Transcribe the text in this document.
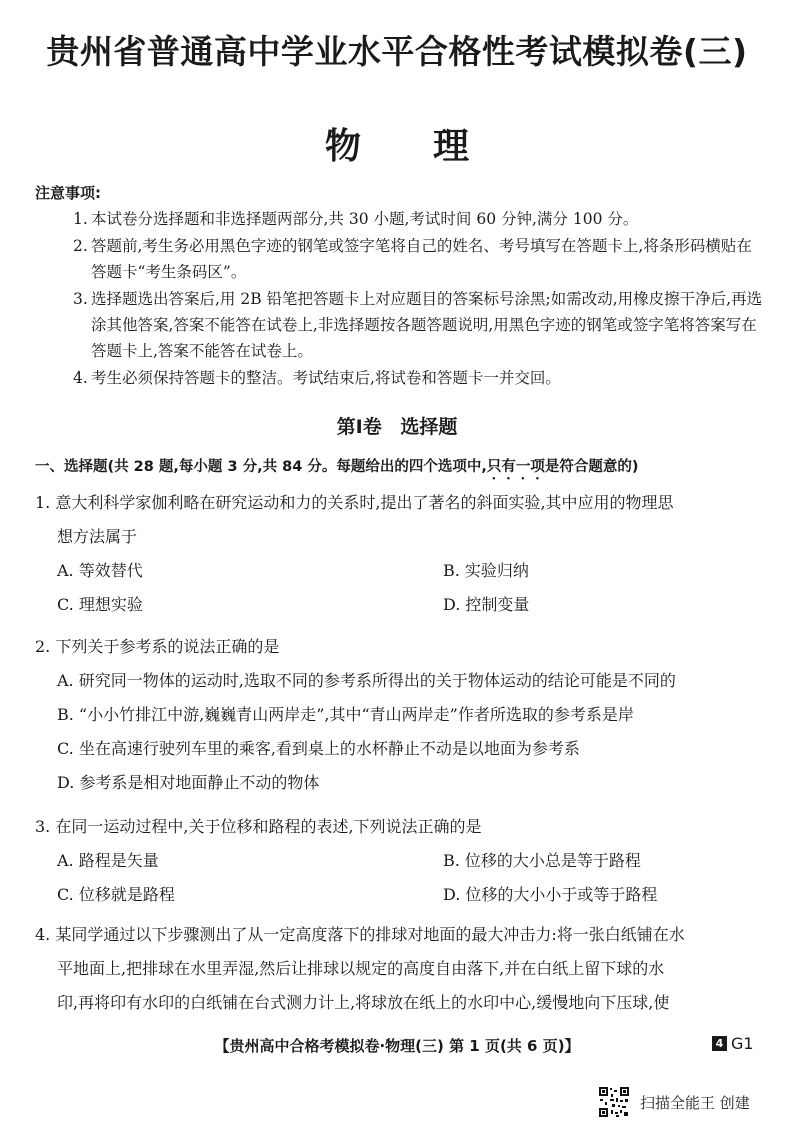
贵州省普通高中学业水平合格性考试模拟卷(三)
物理
注意事项:
1. 本试卷分选择题和非选择题两部分,共 30 小题,考试时间 60 分钟,满分 100 分。
2. 答题前,考生务必用黑色字迹的钢笔或签字笔将自己的姓名、考号填写在答题卡上,将条形码横贴在答题卡“考生条码区”。
3. 选择题选出答案后,用 2B 铅笔把答题卡上对应题目的答案标号涂黑;如需改动,用橡皮擦干净后,再选涂其他答案,答案不能答在试卷上,非选择题按各题答题说明,用黑色字迹的钢笔或签字笔将答案写在答题卡上,答案不能答在试卷上。
4. 考生必须保持答题卡的整洁。考试结束后,将试卷和答题卡一并交回。
第Ⅰ卷 选择题
一、选择题(共 28 题,每小题 3 分,共 84 分。每题给出的四个选项中,只有一项是符合题意的)
1. 意大利科学家伽利略在研究运动和力的关系时,提出了著名的斜面实验,其中应用的物理思
想方法属于
A. 等效替代	B. 实验归纳
C. 理想实验	D. 控制变量
2. 下列关于参考系的说法正确的是
A. 研究同一物体的运动时,选取不同的参考系所得出的关于物体运动的结论可能是不同的
B. “小小竹排江中游,巍巍青山两岸走”,其中“青山两岸走”作者所选取的参考系是岸
C. 坐在高速行驶列车里的乘客,看到桌上的水杯静止不动是以地面为参考系
D. 参考系是相对地面静止不动的物体
3. 在同一运动过程中,关于位移和路程的表述,下列说法正确的是
A. 路程是矢量	B. 位移的大小总是等于路程
C. 位移就是路程	D. 位移的大小小于或等于路程
4. 某同学通过以下步骤测出了从一定高度落下的排球对地面的最大冲击力:将一张白纸铺在水
平地面上,把排球在水里弄湿,然后让排球以规定的高度自由落下,并在白纸上留下球的水
印,再将印有水印的白纸铺在台式测力计上,将球放在纸上的水印中心,缓慢地向下压球,使
【贵州高中合格考模拟卷·物理(三) 第 1 页(共 6 页)】	4 G1
扫描全能王 创建
